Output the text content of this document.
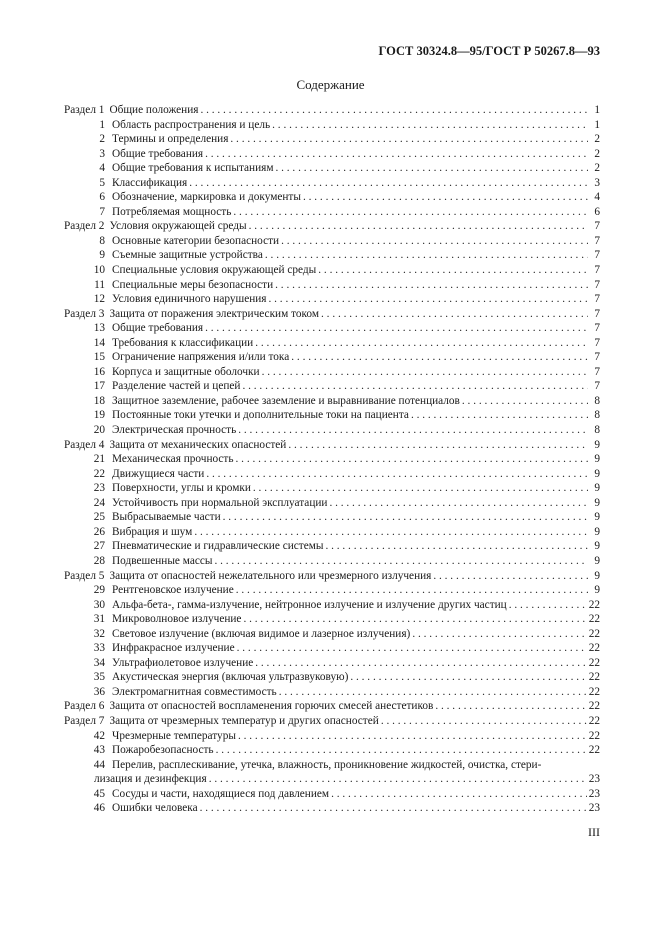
ГОСТ 30324.8—95/ГОСТ Р 50267.8—93
Содержание
Раздел 1 Общие положения . . .	1
1 Область распространения и цель . . .	1
2 Термины и определения . . .	2
3 Общие требования . . .	2
4 Общие требования к испытаниям . . .	2
5 Классификация . . .	3
6 Обозначение, маркировка и документы . . .	4
7 Потребляемая мощность . . .	6
Раздел 2 Условия окружающей среды . . .	7
8 Основные категории безопасности . . .	7
9 Съемные защитные устройства . . .	7
10 Специальные условия окружающей среды . . .	7
11 Специальные меры безопасности . . .	7
12 Условия единичного нарушения . . .	7
Раздел 3 Защита от поражения электрическим током . . .	7
13 Общие требования . . .	7
14 Требования к классификации . . .	7
15 Ограничение напряжения и/или тока . . .	7
16 Корпуса и защитные оболочки . . .	7
17 Разделение частей и цепей . . .	7
18 Защитное заземление, рабочее заземление и выравнивание потенциалов . . .	8
19 Постоянные токи утечки и дополнительные токи на пациента . . .	8
20 Электрическая прочность . . .	8
Раздел 4 Защита от механических опасностей . . .	9
21 Механическая прочность . . .	9
22 Движущиеся части . . .	9
23 Поверхности, углы и кромки . . .	9
24 Устойчивость при нормальной эксплуатации . . .	9
25 Выбрасываемые части . . .	9
26 Вибрация и шум . . .	9
27 Пневматические и гидравлические системы . . .	9
28 Подвешенные массы . . .	9
Раздел 5 Защита от опасностей нежелательного или чрезмерного излучения . . .	9
29 Рентгеновское излучение . . .	9
30 Альфа-бета-, гамма-излучение, нейтронное излучение и излучение других частиц . . .	22
31 Микроволновое излучение . . .	22
32 Световое излучение (включая видимое и лазерное излучения) . . .	22
33 Инфракрасное излучение . . .	22
34 Ультрафиолетовое излучение . . .	22
35 Акустическая энергия (включая ультразвуковую) . . .	22
36 Электромагнитная совместимость . . .	22
Раздел 6 Защита от опасностей воспламенения горючих смесей анестетиков . . .	22
Раздел 7 Защита от чрезмерных температур и других опасностей . . .	22
42 Чрезмерные температуры . . .	22
43 Пожаробезопасность . . .	22
44 Перелив, расплескивание, утечка, влажность, проникновение жидкостей, очистка, стери-
лизация и дезинфекция . . .	23
45 Сосуды и части, находящиеся под давлением . . .	23
46 Ошибки человека . . .	23
III
